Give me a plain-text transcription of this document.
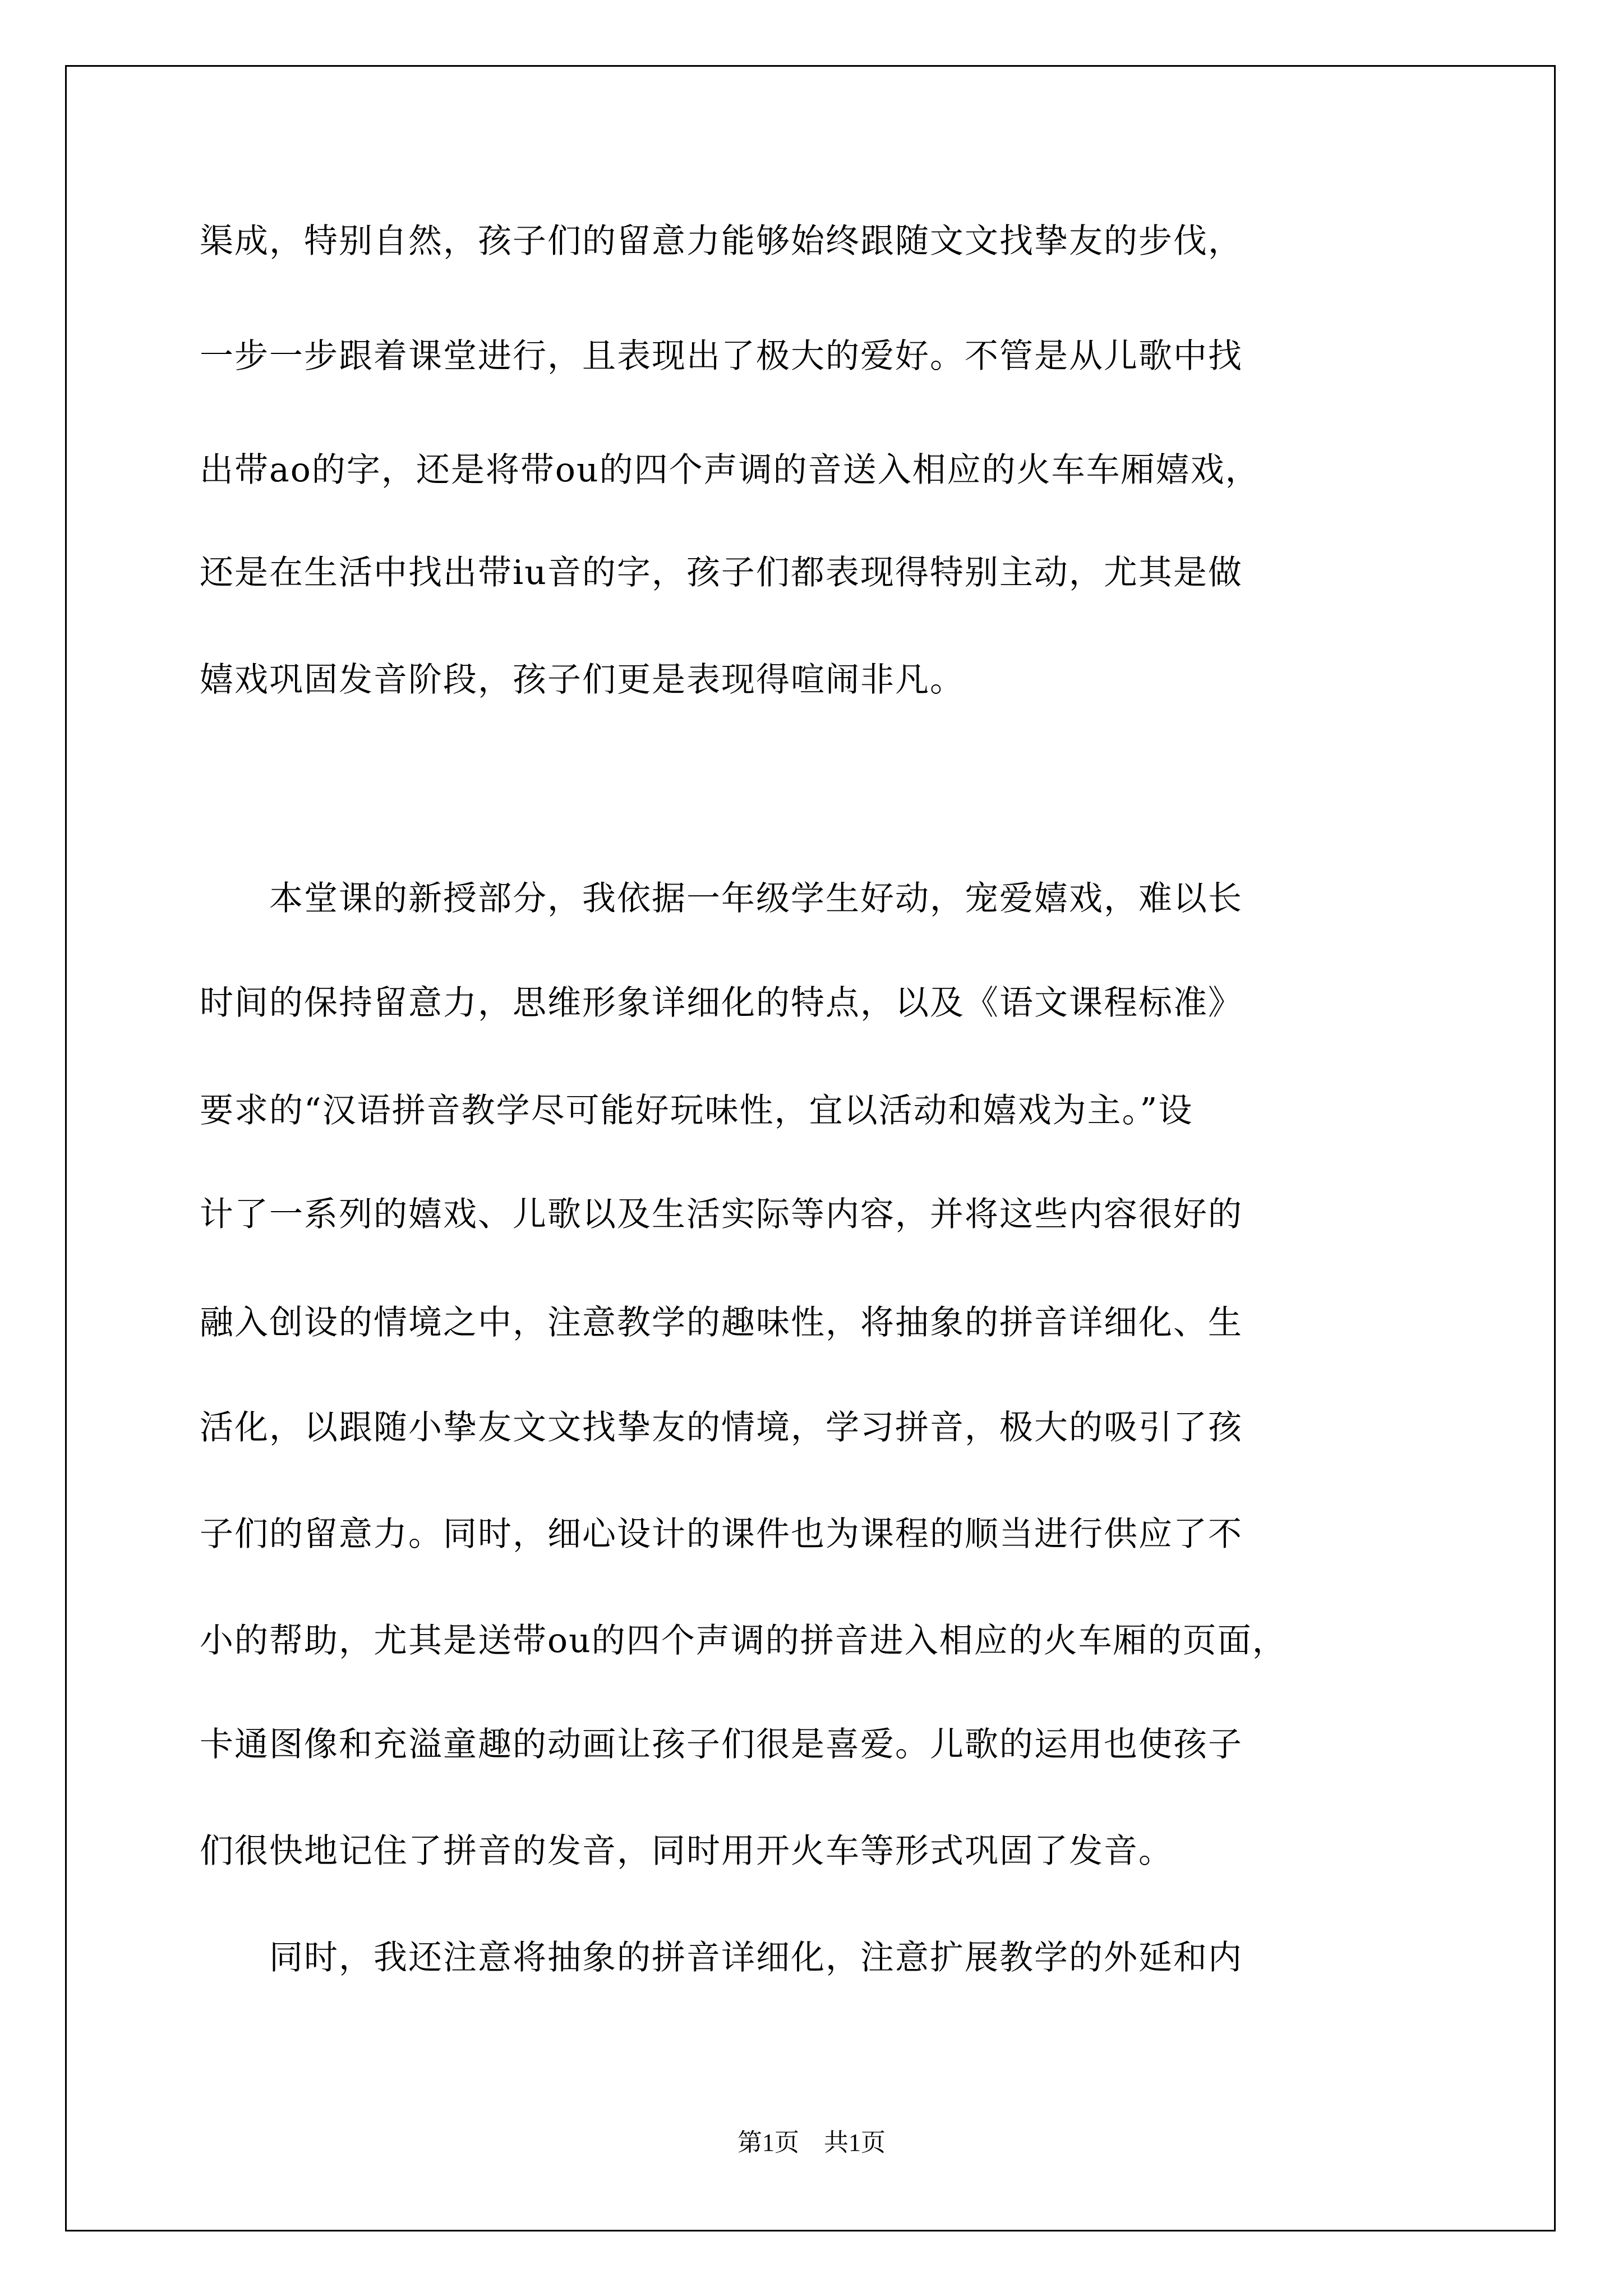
渠成，特别自然，孩子们的留意力能够始终跟随文文找挚友的步伐，
一步一步跟着课堂进行，且表现出了极大的爱好。不管是从儿歌中找
出带ao的字，还是将带ou的四个声调的音送入相应的火车车厢嬉戏，
还是在生活中找出带iu音的字，孩子们都表现得特别主动，尤其是做
嬉戏巩固发音阶段，孩子们更是表现得喧闹非凡。
　　本堂课的新授部分，我依据一年级学生好动，宠爱嬉戏，难以长
时间的保持留意力，思维形象详细化的特点，以及《语文课程标准》
要求的“汉语拼音教学尽可能好玩味性，宜以活动和嬉戏为主。”设
计了一系列的嬉戏、儿歌以及生活实际等内容，并将这些内容很好的
融入创设的情境之中，注意教学的趣味性，将抽象的拼音详细化、生
活化，以跟随小挚友文文找挚友的情境，学习拼音，极大的吸引了孩
子们的留意力。同时，细心设计的课件也为课程的顺当进行供应了不
小的帮助，尤其是送带ou的四个声调的拼音进入相应的火车厢的页面，
卡通图像和充溢童趣的动画让孩子们很是喜爱。儿歌的运用也使孩子
们很快地记住了拼音的发音，同时用开火车等形式巩固了发音。
　　同时，我还注意将抽象的拼音详细化，注意扩展教学的外延和内
第1页　共1页
